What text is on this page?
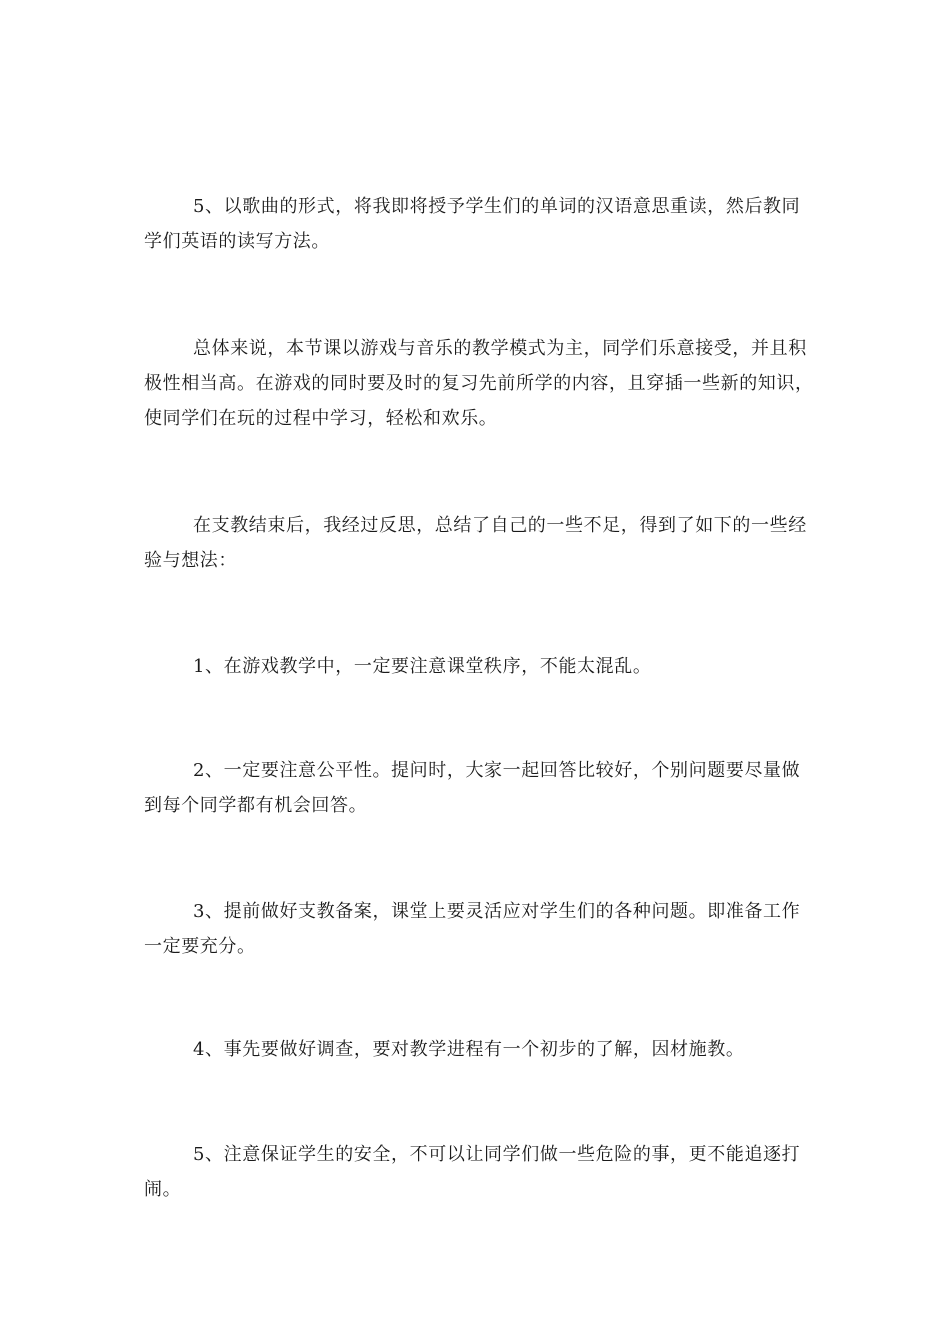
5、以歌曲的形式，将我即将授予学生们的单词的汉语意思重读，然后教同学们英语的读写方法。

总体来说，本节课以游戏与音乐的教学模式为主，同学们乐意接受，并且积极性相当高。在游戏的同时要及时的复习先前所学的内容，且穿插一些新的知识，使同学们在玩的过程中学习，轻松和欢乐。

在支教结束后，我经过反思，总结了自己的一些不足，得到了如下的一些经验与想法：

1、在游戏教学中，一定要注意课堂秩序，不能太混乱。

2、一定要注意公平性。提问时，大家一起回答比较好，个别问题要尽量做到每个同学都有机会回答。

3、提前做好支教备案，课堂上要灵活应对学生们的各种问题。即准备工作一定要充分。

4、事先要做好调查，要对教学进程有一个初步的了解，因材施教。

5、注意保证学生的安全，不可以让同学们做一些危险的事，更不能追逐打闹。
